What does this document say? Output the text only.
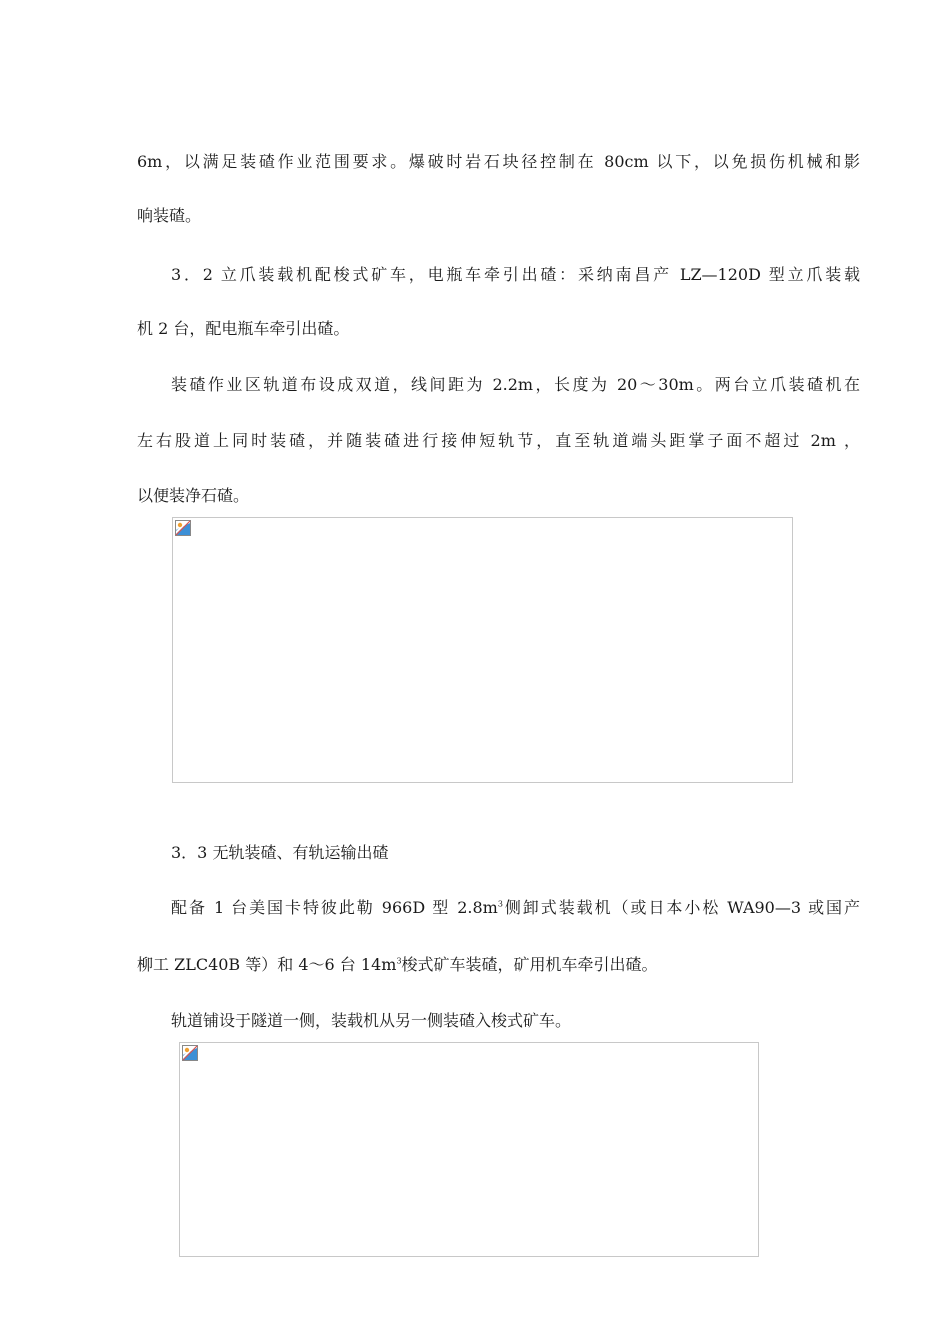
6m，以满足装碴作业范围要求。爆破时岩石块径控制在 80cm 以下，以免损伤机械和影
响装碴。
3．2 立爪装载机配梭式矿车，电瓶车牵引出碴：采纳南昌产 LZ—120D 型立爪装载
机 2 台，配电瓶车牵引出碴。
装碴作业区轨道布设成双道，线间距为 2.2m，长度为 20～30m。两台立爪装碴机在
左右股道上同时装碴，并随装碴进行接伸短轨节，直至轨道端头距掌子面不超过 2m ，
以便装净石碴。
3．3 无轨装碴、有轨运输出碴
配备 1 台美国卡特彼此勒 966D 型 $2.8m^3$侧卸式装载机（或日本小松 WA90—3 或国产
柳工 ZLC40B 等）和 4～6 台 $14m^3$梭式矿车装碴，矿用机车牵引出碴。
轨道铺设于隧道一侧，装载机从另一侧装碴入梭式矿车。
